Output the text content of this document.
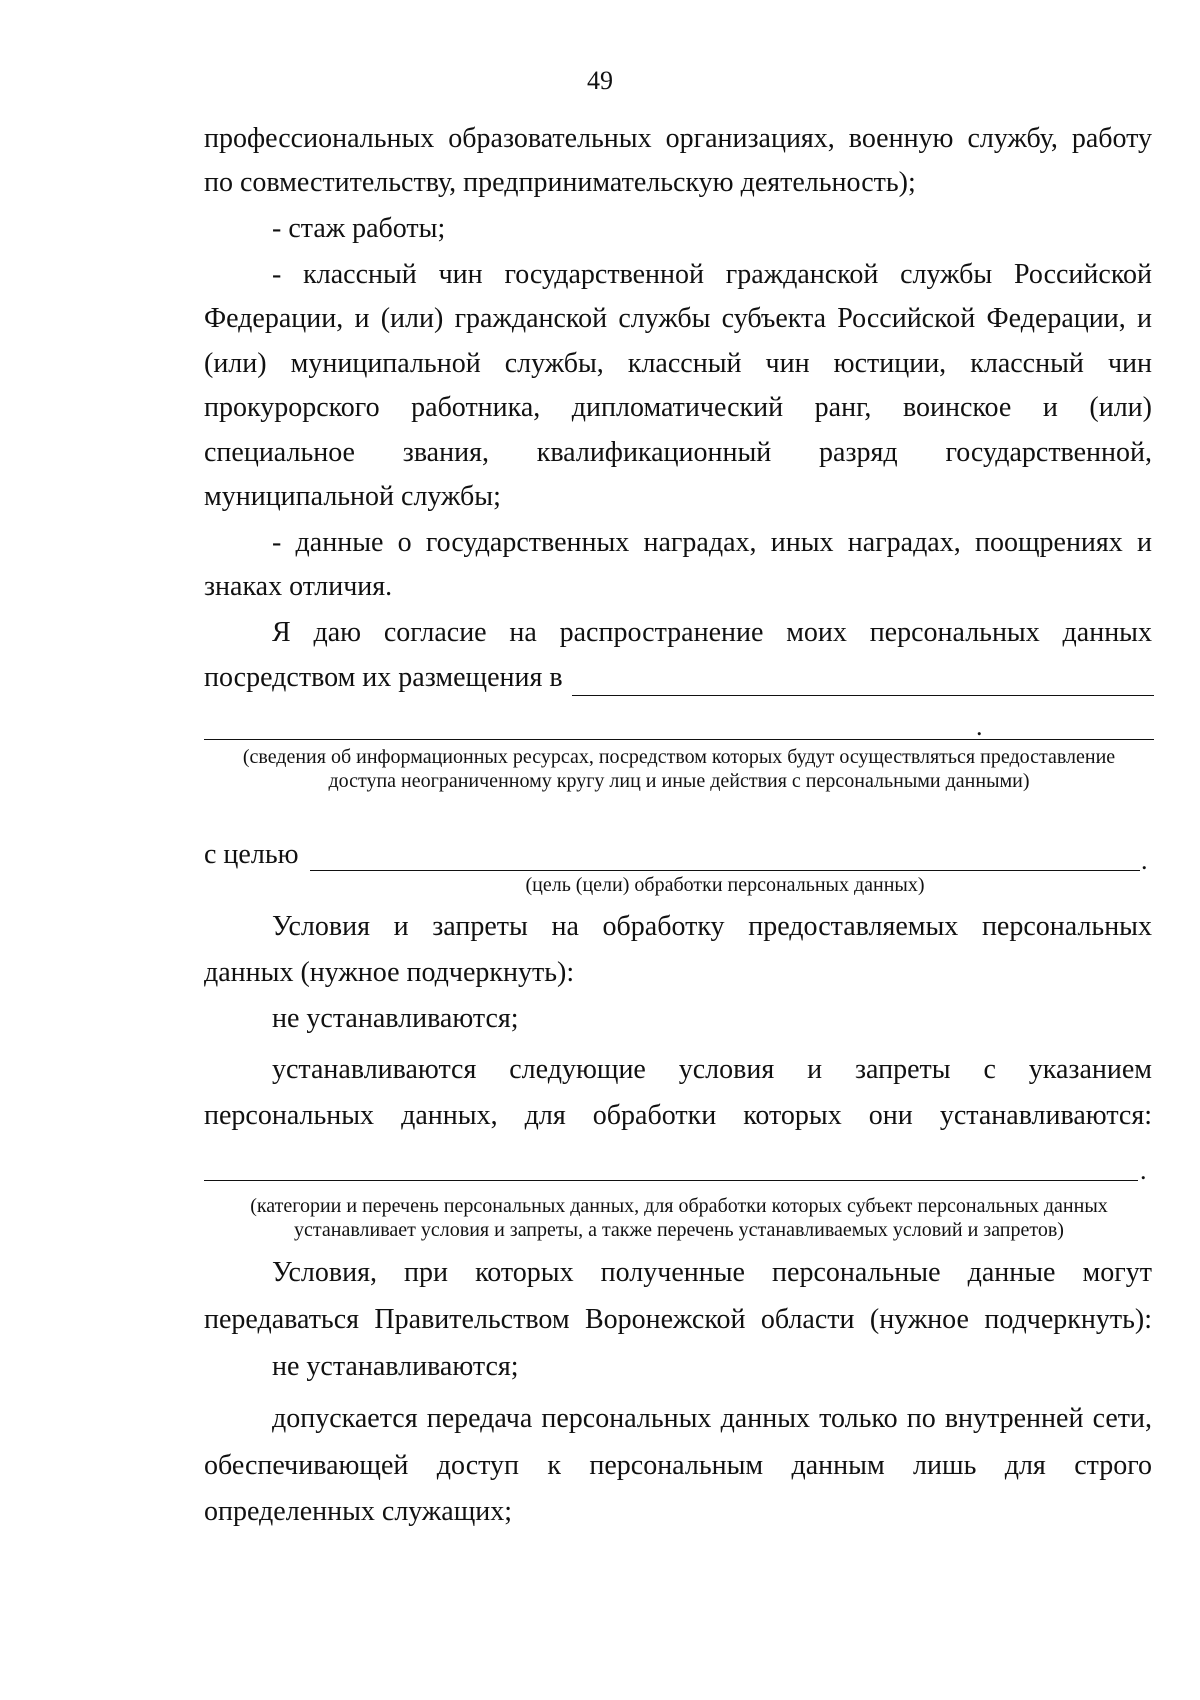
49
профессиональных образовательных организациях, военную службу, работу
по совместительству, предпринимательскую деятельность);
- стаж работы;
- классный чин государственной гражданской службы Российской
Федерации, и (или) гражданской службы субъекта Российской Федерации, и
(или) муниципальной службы, классный чин юстиции, классный чин
прокурорского работника, дипломатический ранг, воинское и (или)
специальное звания, квалификационный разряд государственной,
муниципальной службы;
- данные о государственных наградах, иных наградах, поощрениях и
знаках отличия.
Я даю согласие на распространение моих персональных данных
посредством их размещения в
.
(сведения об информационных ресурсах, посредством которых будут осуществляться предоставление
доступа неограниченному кругу лиц и иные действия с персональными данными)
с целью	.
(цель (цели) обработки персональных данных)
Условия и запреты на обработку предоставляемых персональных
данных (нужное подчеркнуть):
не устанавливаются;
устанавливаются следующие условия и запреты с указанием
персональных данных, для обработки которых они устанавливаются:
.
(категории и перечень персональных данных, для обработки которых субъект персональных данных
устанавливает условия и запреты, а также перечень устанавливаемых условий и запретов)
Условия, при которых полученные персональные данные могут
передаваться Правительством Воронежской области (нужное подчеркнуть):
не устанавливаются;
допускается передача персональных данных только по внутренней сети,
обеспечивающей доступ к персональным данным лишь для строго
определенных служащих;
